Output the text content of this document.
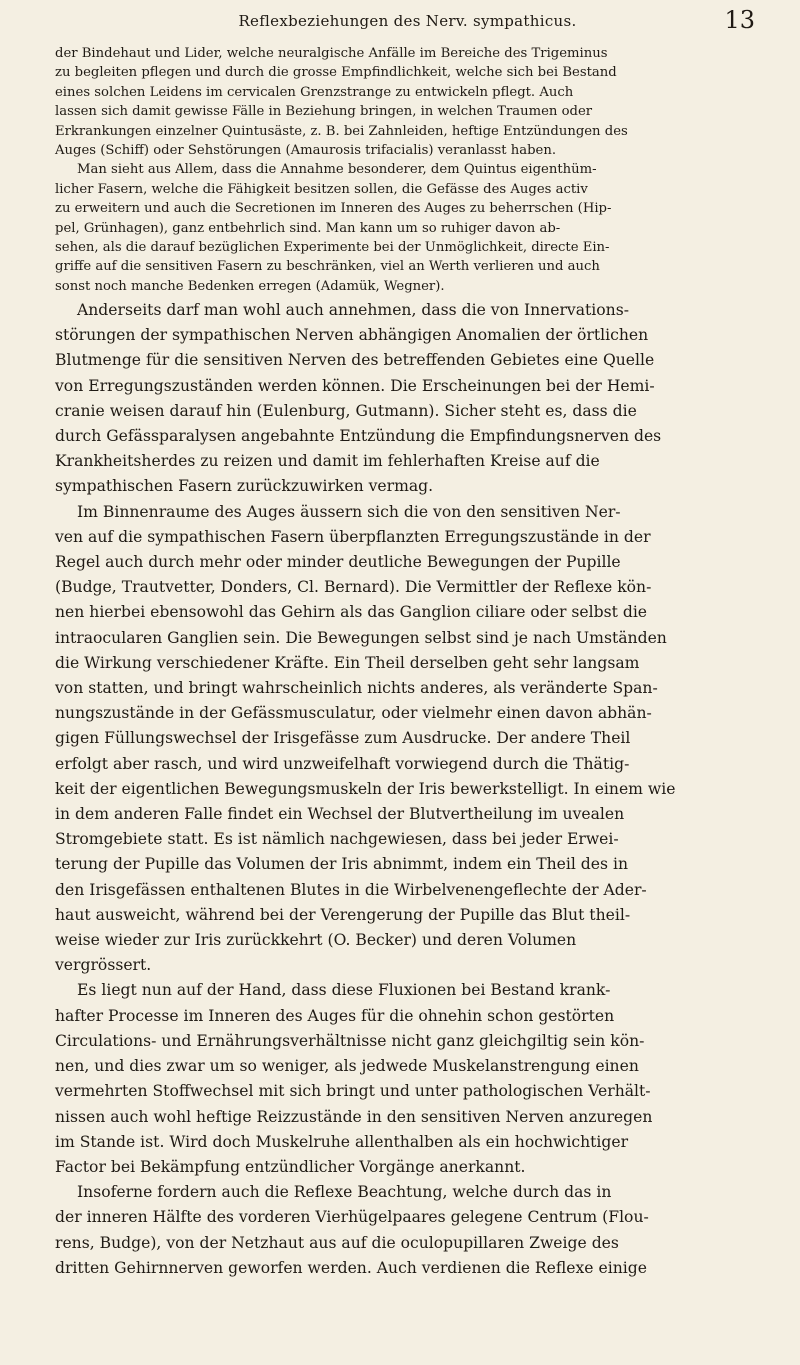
Reflexbeziehungen des Nerv. sympathicus.	13
der Bindehaut und Lider, welche neuralgische Anfälle im Bereiche des Trigeminus
zu begleiten pflegen und durch die grosse Empfindlichkeit, welche sich bei Bestand
eines solchen Leidens im cervicalen Grenzstrange zu entwickeln pflegt. Auch
lassen sich damit gewisse Fälle in Beziehung bringen, in welchen Traumen oder
Erkrankungen einzelner Quintusäste, z. B. bei Zahnleiden, heftige Entzündungen des
Auges (Schiff) oder Sehstörungen (Amaurosis trifacialis) veranlasst haben.
Man sieht aus Allem, dass die Annahme besonderer, dem Quintus eigenthüm-
licher Fasern, welche die Fähigkeit besitzen sollen, die Gefässe des Auges activ
zu erweitern und auch die Secretionen im Inneren des Auges zu beherrschen (Hip-
pel, Grünhagen), ganz entbehrlich sind. Man kann um so ruhiger davon ab-
sehen, als die darauf bezüglichen Experimente bei der Unmöglichkeit, directe Ein-
griffe auf die sensitiven Fasern zu beschränken, viel an Werth verlieren und auch
sonst noch manche Bedenken erregen (Adamük, Wegner).
Anderseits darf man wohl auch annehmen, dass die von Innervations-
störungen der sympathischen Nerven abhängigen Anomalien der örtlichen
Blutmenge für die sensitiven Nerven des betreffenden Gebietes eine Quelle
von Erregungszuständen werden können. Die Erscheinungen bei der Hemi-
cranie weisen darauf hin (Eulenburg, Gutmann). Sicher steht es, dass die
durch Gefässparalysen angebahnte Entzündung die Empfindungsnerven des
Krankheitsherdes zu reizen und damit im fehlerhaften Kreise auf die
sympathischen Fasern zurückzuwirken vermag.
Im Binnenraume des Auges äussern sich die von den sensitiven Ner-
ven auf die sympathischen Fasern überpflanzten Erregungszustände in der
Regel auch durch mehr oder minder deutliche Bewegungen der Pupille
(Budge, Trautvetter, Donders, Cl. Bernard). Die Vermittler der Reflexe kön-
nen hierbei ebensowohl das Gehirn als das Ganglion ciliare oder selbst die
intraocularen Ganglien sein. Die Bewegungen selbst sind je nach Umständen
die Wirkung verschiedener Kräfte. Ein Theil derselben geht sehr langsam
von statten, und bringt wahrscheinlich nichts anderes, als veränderte Span-
nungszustände in der Gefässmusculatur, oder vielmehr einen davon abhän-
gigen Füllungswechsel der Irisgefässe zum Ausdrucke. Der andere Theil
erfolgt aber rasch, und wird unzweifelhaft vorwiegend durch die Thätig-
keit der eigentlichen Bewegungsmuskeln der Iris bewerkstelligt. In einem wie
in dem anderen Falle findet ein Wechsel der Blutvertheilung im uvealen
Stromgebiete statt. Es ist nämlich nachgewiesen, dass bei jeder Erwei-
terung der Pupille das Volumen der Iris abnimmt, indem ein Theil des in
den Irisgefässen enthaltenen Blutes in die Wirbelvenengeflechte der Ader-
haut ausweicht, während bei der Verengerung der Pupille das Blut theil-
weise wieder zur Iris zurückkehrt (O. Becker) und deren Volumen
vergrössert.
Es liegt nun auf der Hand, dass diese Fluxionen bei Bestand krank-
hafter Processe im Inneren des Auges für die ohnehin schon gestörten
Circulations- und Ernährungsverhältnisse nicht ganz gleichgiltig sein kön-
nen, und dies zwar um so weniger, als jedwede Muskelanstrengung einen
vermehrten Stoffwechsel mit sich bringt und unter pathologischen Verhält-
nissen auch wohl heftige Reizzustände in den sensitiven Nerven anzuregen
im Stande ist. Wird doch Muskelruhe allenthalben als ein hochwichtiger
Factor bei Bekämpfung entzündlicher Vorgänge anerkannt.
Insoferne fordern auch die Reflexe Beachtung, welche durch das in
der inneren Hälfte des vorderen Vierhügelpaares gelegene Centrum (Flou-
rens, Budge), von der Netzhaut aus auf die oculopupillaren Zweige des
dritten Gehirnnerven geworfen werden. Auch verdienen die Reflexe einige
